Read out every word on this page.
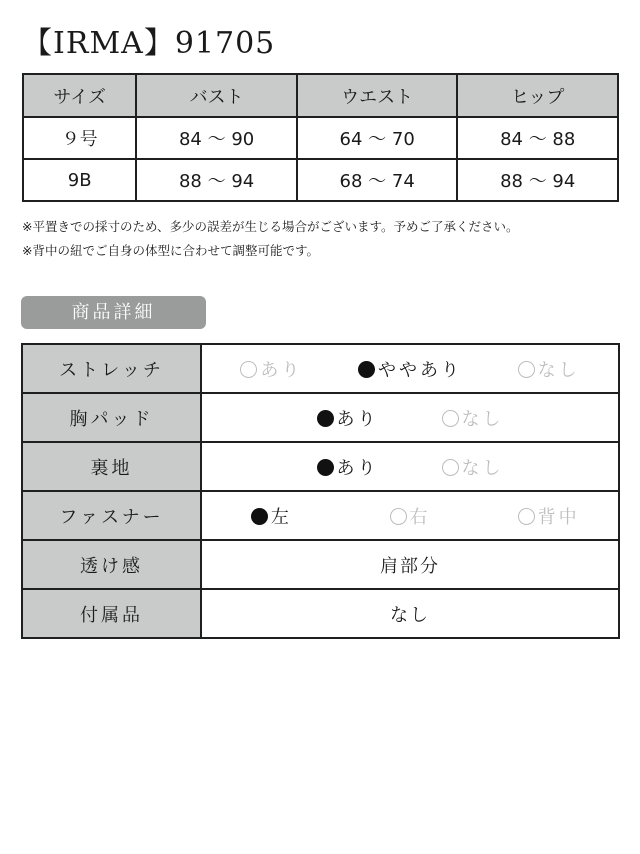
【IRMA】91705
サイズ	バスト	ウエスト	ヒップ
９号	84 ～ 90	64 ～ 70	84 ～ 88
9B	88 ～ 94	68 ～ 74	88 ～ 94
※平置きでの採寸のため、多少の誤差が生じる場合がございます。予めご了承ください。
※背中の紐でご自身の体型に合わせて調整可能です。
商品詳細
ストレッチ	あり ややあり なし

胸パッド	あり なし

裏地	あり なし

ファスナー	左 右 背中

透け感	肩部分
付属品	なし
